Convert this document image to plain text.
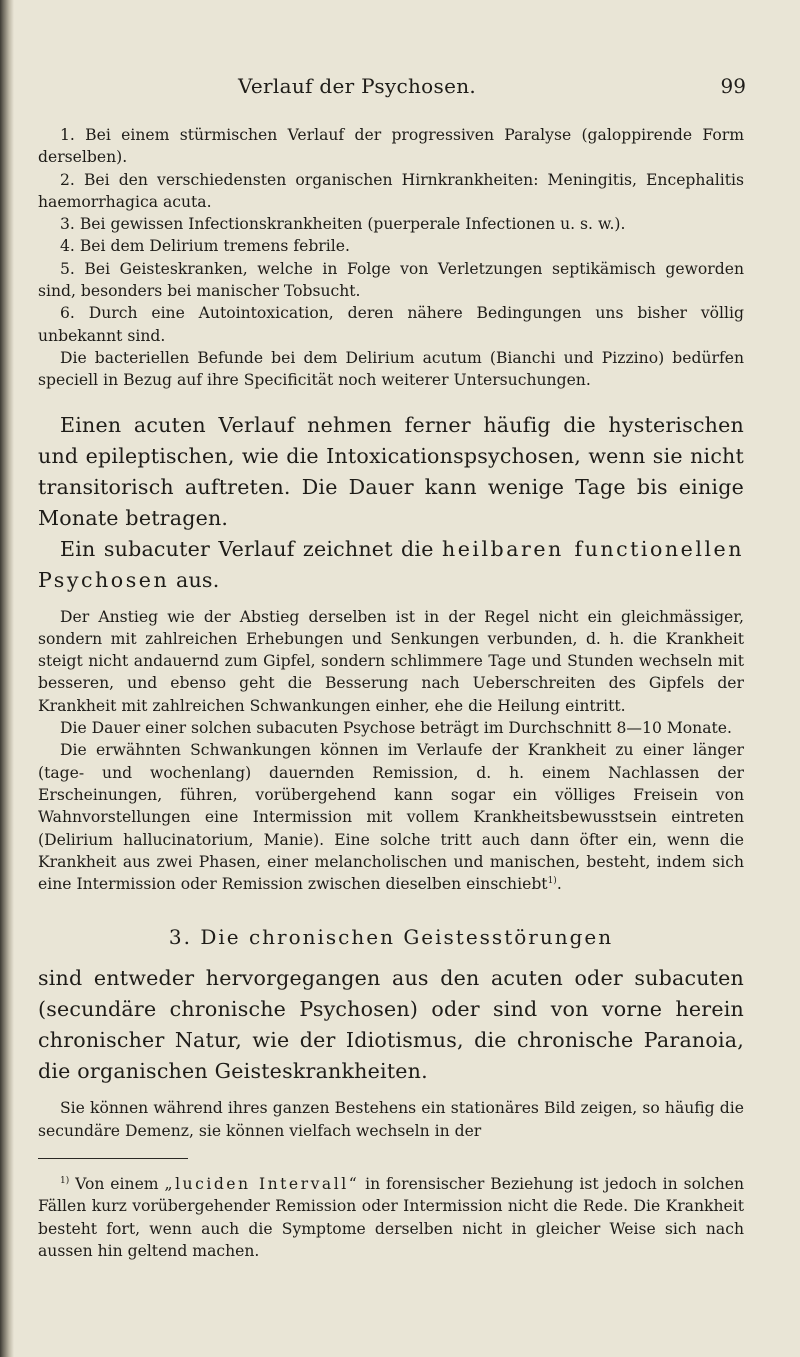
Verlauf der Psychosen.	99

1. Bei einem stürmischen Verlauf der progressiven Paralyse (galoppirende Form derselben).

2. Bei den verschiedensten organischen Hirnkrankheiten: Meningitis, Encephalitis haemorrhagica acuta.

3. Bei gewissen Infectionskrankheiten (puerperale Infectionen u. s. w.).

4. Bei dem Delirium tremens febrile.

5. Bei Geisteskranken, welche in Folge von Verletzungen septikämisch geworden sind, besonders bei manischer Tobsucht.

6. Durch eine Autointoxication, deren nähere Bedingungen uns bisher völlig unbekannt sind.

Die bacteriellen Befunde bei dem Delirium acutum (Bianchi und Pizzino) bedürfen speciell in Bezug auf ihre Specificität noch weiterer Untersuchungen.

Einen acuten Verlauf nehmen ferner häufig die hysterischen und epileptischen, wie die Intoxicationspsychosen, wenn sie nicht transitorisch auftreten. Die Dauer kann wenige Tage bis einige Monate betragen.

Ein subacuter Verlauf zeichnet die heilbaren functionellen Psychosen aus.

Der Anstieg wie der Abstieg derselben ist in der Regel nicht ein gleichmässiger, sondern mit zahlreichen Erhebungen und Senkungen verbunden, d. h. die Krankheit steigt nicht andauernd zum Gipfel, sondern schlimmere Tage und Stunden wechseln mit besseren, und ebenso geht die Besserung nach Ueberschreiten des Gipfels der Krankheit mit zahlreichen Schwankungen einher, ehe die Heilung eintritt.

Die Dauer einer solchen subacuten Psychose beträgt im Durchschnitt 8—10 Monate.

Die erwähnten Schwankungen können im Verlaufe der Krankheit zu einer länger (tage- und wochenlang) dauernden Remission, d. h. einem Nachlassen der Erscheinungen, führen, vorübergehend kann sogar ein völliges Freisein von Wahnvorstellungen eine Intermission mit vollem Krankheitsbewusstsein eintreten (Delirium hallucinatorium, Manie). Eine solche tritt auch dann öfter ein, wenn die Krankheit aus zwei Phasen, einer melancholischen und manischen, besteht, indem sich eine Intermission oder Remission zwischen dieselben einschiebt$^{1)}$.

3. Die chronischen Geistesstörungen

sind entweder hervorgegangen aus den acuten oder subacuten (secundäre chronische Psychosen) oder sind von vorne herein chronischer Natur, wie der Idiotismus, die chronische Paranoia, die organischen Geisteskrankheiten.

Sie können während ihres ganzen Bestehens ein stationäres Bild zeigen, so häufig die secundäre Demenz, sie können vielfach wechseln in der

$^{1)}$ Von einem „luciden Intervall“ in forensischer Beziehung ist jedoch in solchen Fällen kurz vorübergehender Remission oder Intermission nicht die Rede. Die Krankheit besteht fort, wenn auch die Symptome derselben nicht in gleicher Weise sich nach aussen hin geltend machen.
